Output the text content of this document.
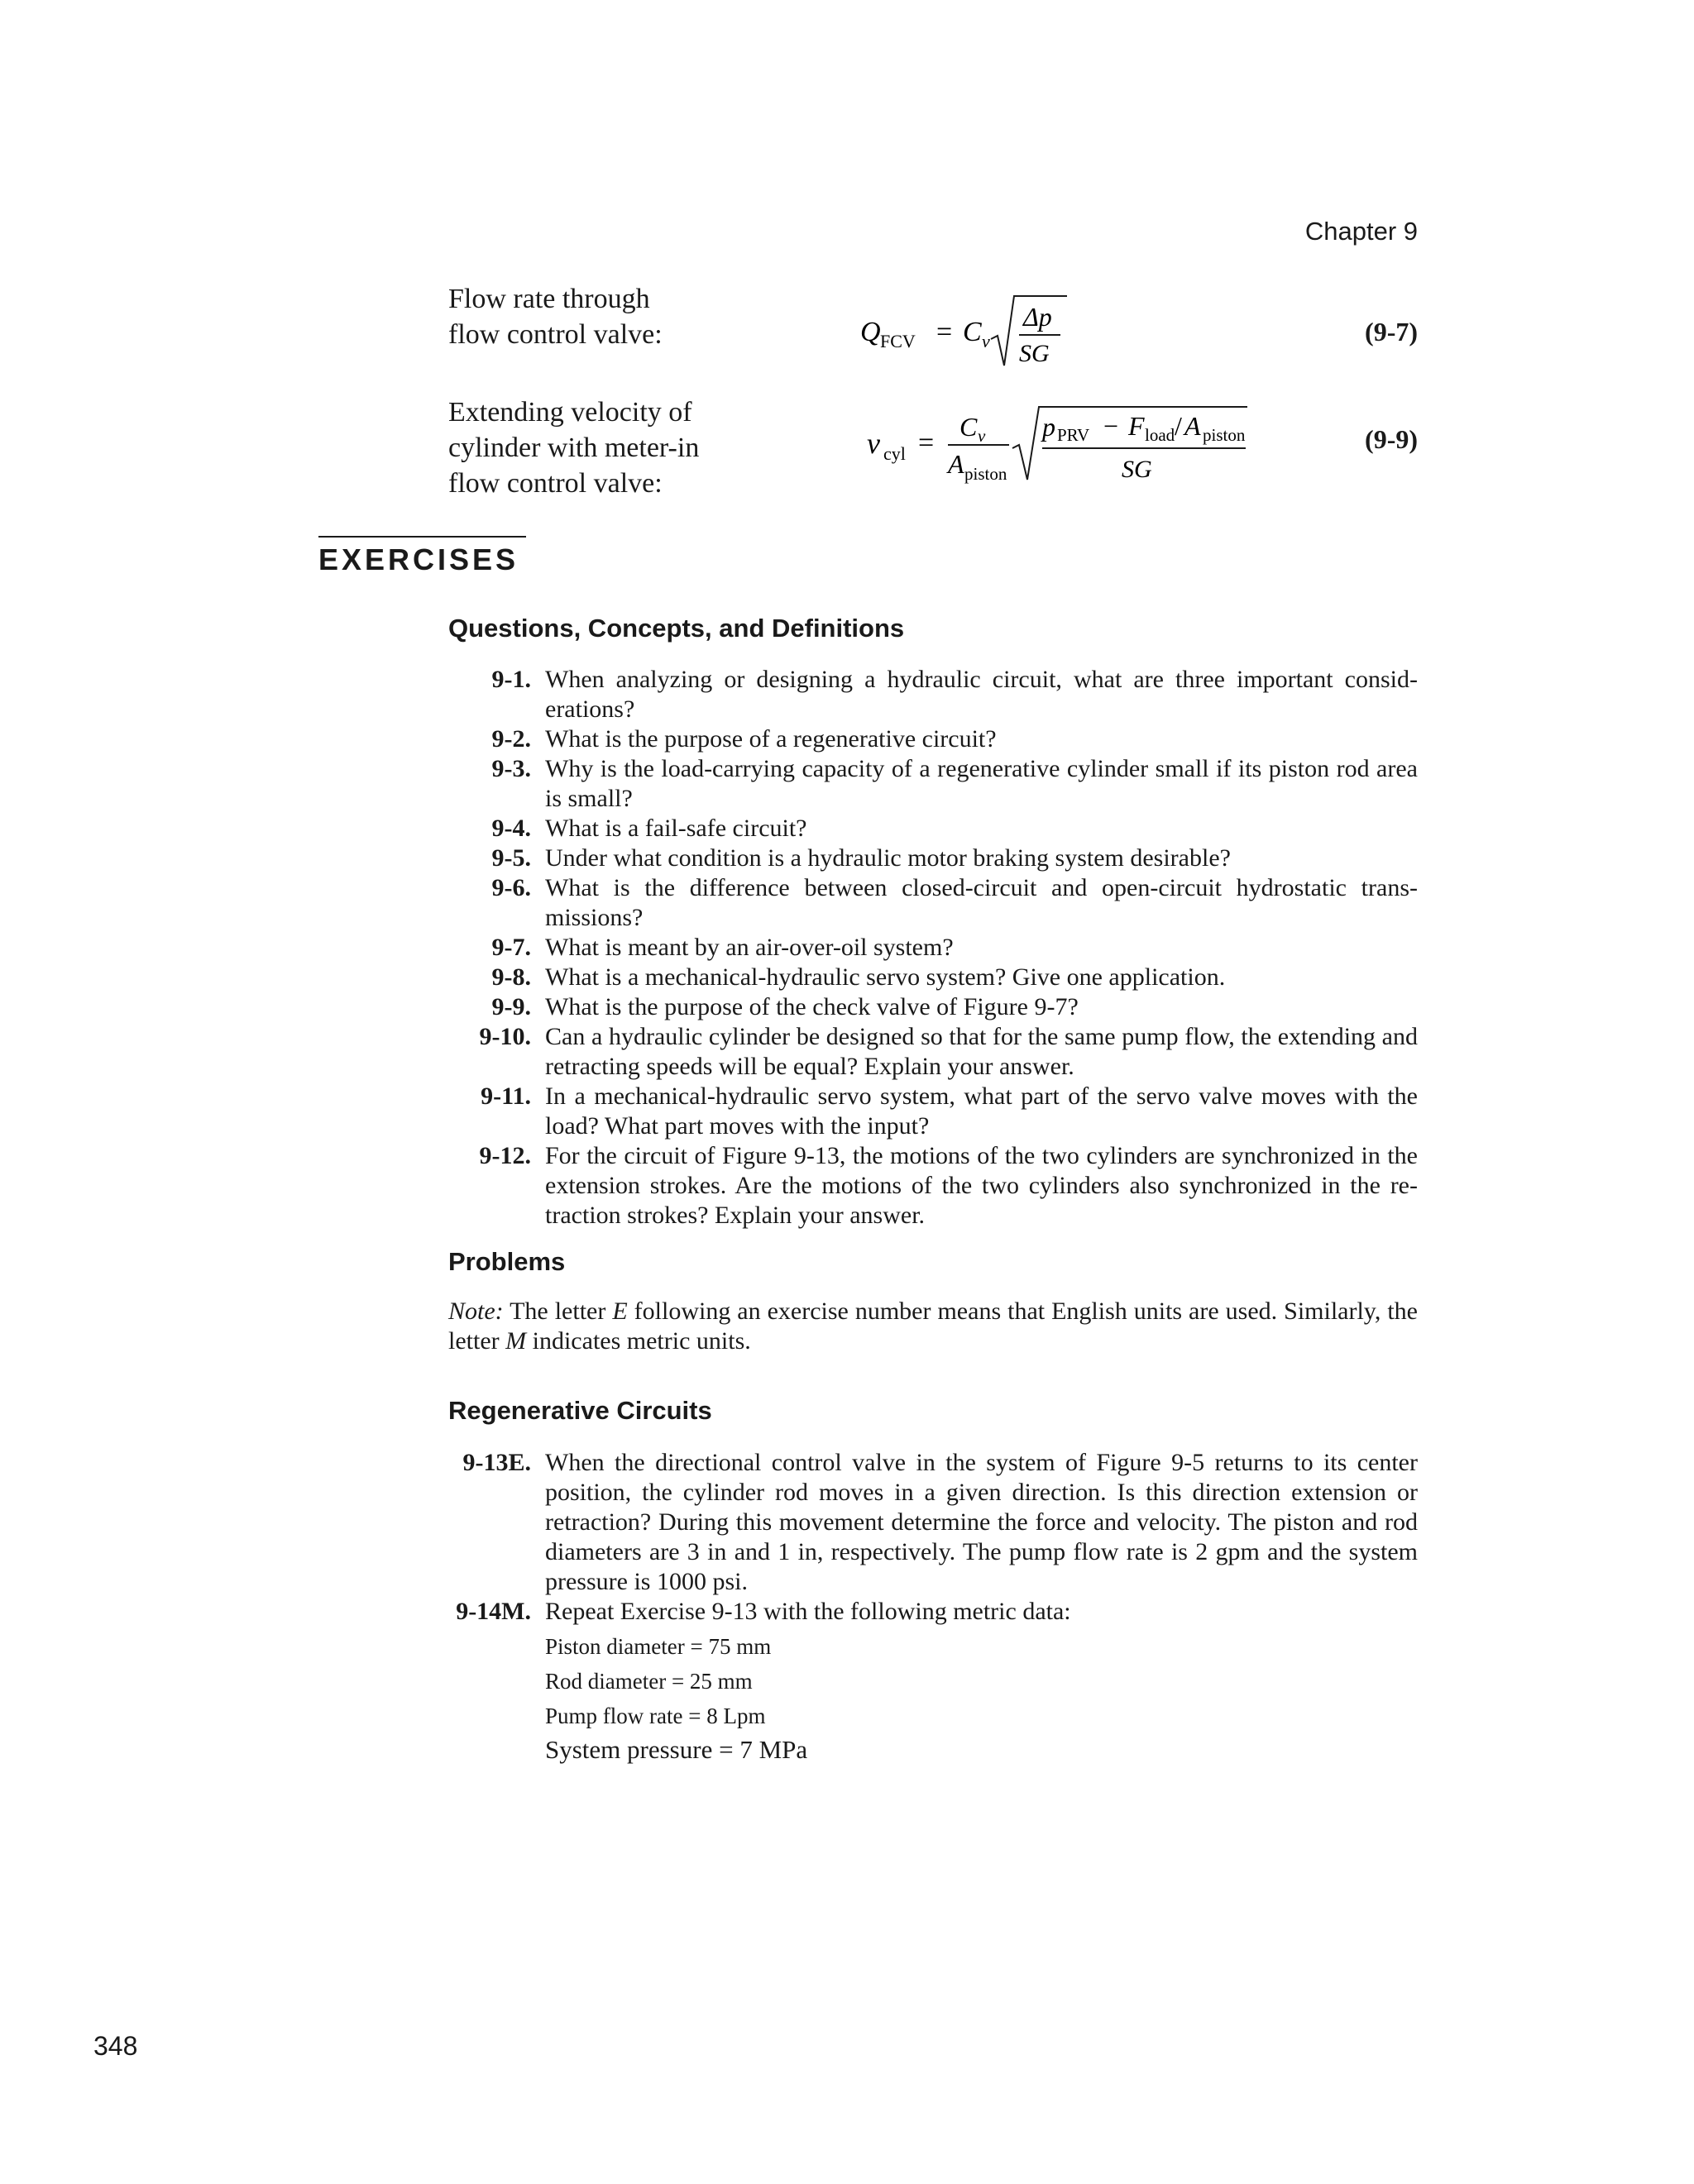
Chapter 9
Flow rate through
flow control valve:	Q FCV = C v
Δp
SG
(9-7)
Extending velocity of
cylinder with meter-in
flow control valve:
v cyl =
C v
A piston
p PRV − F load / A piston
SG
(9-9)
EXERCISES
Questions, Concepts, and Definitions
9-1. When analyzing or designing a hydraulic circuit, what are three important consid-erations?
9-2. What is the purpose of a regenerative circuit?
9-3. Why is the load-carrying capacity of a regenerative cylinder small if its piston rod area is small?
9-4. What is a fail-safe circuit?
9-5. Under what condition is a hydraulic motor braking system desirable?
9-6. What is the difference between closed-circuit and open-circuit hydrostatic trans-missions?
9-7. What is meant by an air-over-oil system?
9-8. What is a mechanical-hydraulic servo system? Give one application.
9-9. What is the purpose of the check valve of Figure 9-7?
9-10. Can a hydraulic cylinder be designed so that for the same pump flow, the extending and retracting speeds will be equal? Explain your answer.
9-11. In a mechanical-hydraulic servo system, what part of the servo valve moves with the load? What part moves with the input?
9-12. For the circuit of Figure 9-13, the motions of the two cylinders are synchronized in the extension strokes. Are the motions of the two cylinders also synchronized in the re-traction strokes? Explain your answer.
Problems
Note: The letter E following an exercise number means that English units are used. Similarly, the letter M indicates metric units.
Regenerative Circuits
9-13E. When the directional control valve in the system of Figure 9-5 returns to its center position, the cylinder rod moves in a given direction. Is this direction extension or retraction? During this movement determine the force and velocity. The piston and rod diameters are 3 in and 1 in, respectively. The pump flow rate is 2 gpm and the system pressure is 1000 psi.
9-14M. Repeat Exercise 9-13 with the following metric data:
Piston diameter = 75 mm
Rod diameter = 25 mm
Pump flow rate = 8 Lpm
System pressure = 7 MPa
348
